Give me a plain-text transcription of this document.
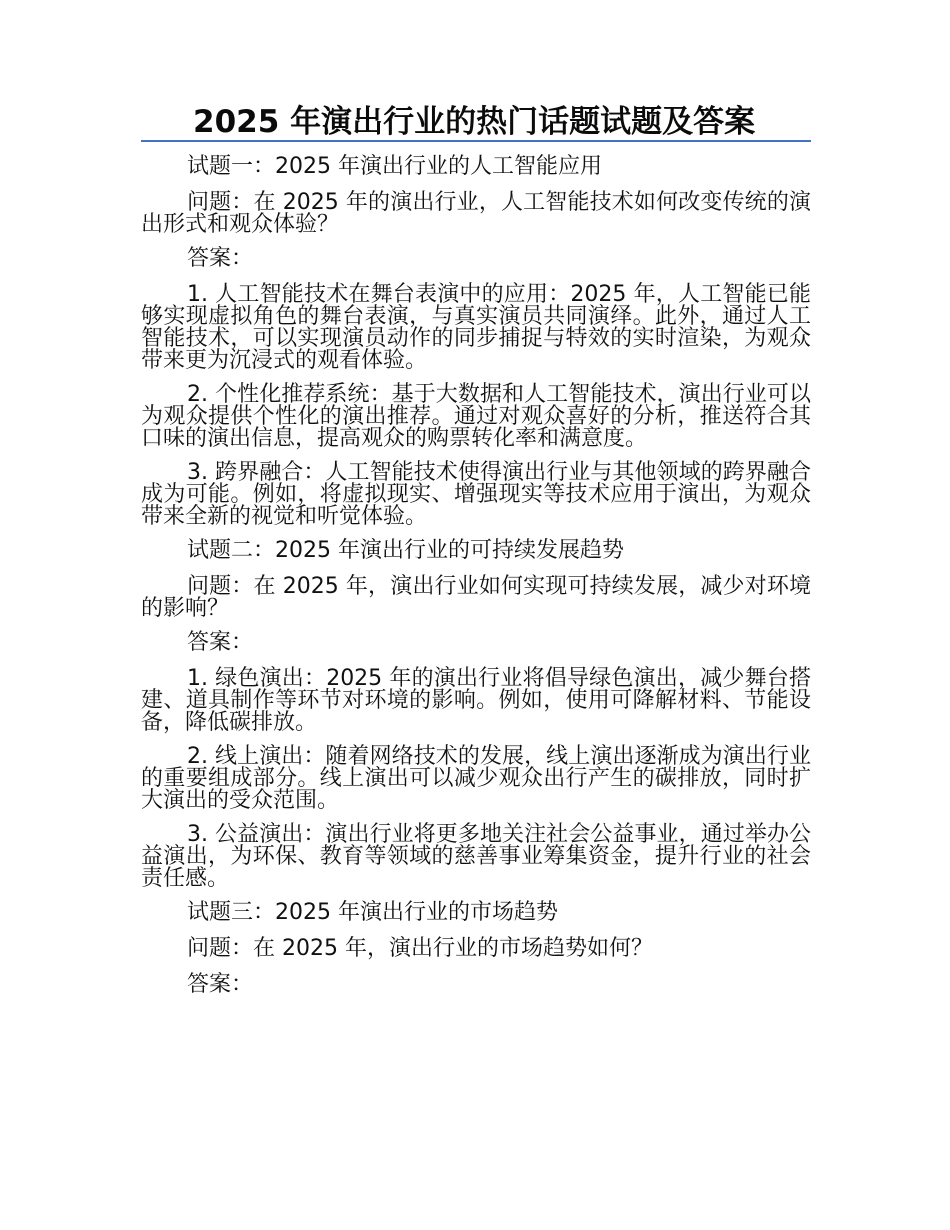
2025 年演出行业的热门话题试题及答案

试题一：2025 年演出行业的人工智能应用

问题：在 2025 年的演出行业，人工智能技术如何改变传统的演出形式和观众体验？

答案：

1. 人工智能技术在舞台表演中的应用：2025 年，人工智能已能够实现虚拟角色的舞台表演，与真实演员共同演绎。此外，通过人工智能技术，可以实现演员动作的同步捕捉与特效的实时渲染，为观众带来更为沉浸式的观看体验。

2. 个性化推荐系统：基于大数据和人工智能技术，演出行业可以为观众提供个性化的演出推荐。通过对观众喜好的分析，推送符合其口味的演出信息，提高观众的购票转化率和满意度。

3. 跨界融合：人工智能技术使得演出行业与其他领域的跨界融合成为可能。例如，将虚拟现实、增强现实等技术应用于演出，为观众带来全新的视觉和听觉体验。

试题二：2025 年演出行业的可持续发展趋势

问题：在 2025 年，演出行业如何实现可持续发展，减少对环境的影响？

答案：

1. 绿色演出：2025 年的演出行业将倡导绿色演出，减少舞台搭建、道具制作等环节对环境的影响。例如，使用可降解材料、节能设备，降低碳排放。

2. 线上演出：随着网络技术的发展，线上演出逐渐成为演出行业的重要组成部分。线上演出可以减少观众出行产生的碳排放，同时扩大演出的受众范围。

3. 公益演出：演出行业将更多地关注社会公益事业，通过举办公益演出，为环保、教育等领域的慈善事业筹集资金，提升行业的社会责任感。

试题三：2025 年演出行业的市场趋势

问题：在 2025 年，演出行业的市场趋势如何？

答案：
